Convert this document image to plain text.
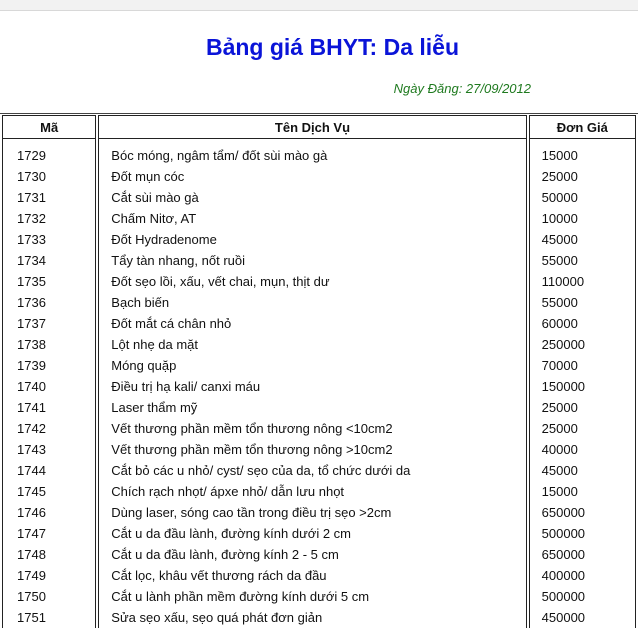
Bảng giá BHYT: Da liễu
Ngày Đăng: 27/09/2012
Mã	Tên Dịch Vụ	Đơn Giá

1729	Bóc móng, ngâm tẩm/ đốt sùi mào gà	15000
1730	Đốt mụn cóc	25000
1731	Cắt sùi mào gà	50000
1732	Chấm Nitơ, AT	10000
1733	Đốt Hydradenome	45000
1734	Tẩy tàn nhang, nốt ruồi	55000
1735	Đốt sẹo lồi, xấu, vết chai, mụn, thịt dư	110000
1736	Bạch biến	55000
1737	Đốt mắt cá chân nhỏ	60000
1738	Lột nhẹ da mặt	250000
1739	Móng quặp	70000
1740	Điều trị hạ kali/ canxi máu	150000
1741	Laser thẩm mỹ	25000
1742	Vết thương phần mềm tổn thương nông <10cm2	25000
1743	Vết thương phần mềm tổn thương nông >10cm2	40000
1744	Cắt bỏ các u nhỏ/ cyst/ sẹo của da, tổ chức dưới da	45000
1745	Chích rạch nhọt/ ápxe nhỏ/ dẫn lưu nhọt	15000
1746	Dùng laser, sóng cao tần trong điều trị sẹo >2cm	650000
1747	Cắt u da đầu lành, đường kính dưới 2 cm	500000
1748	Cắt u da đầu lành, đường kính 2 - 5 cm	650000
1749	Cắt lọc, khâu vết thương rách da đầu	400000
1750	Cắt u lành phần mềm đường kính dưới 5 cm	500000
1751	Sửa sẹo xấu, sẹo quá phát đơn giản	450000
